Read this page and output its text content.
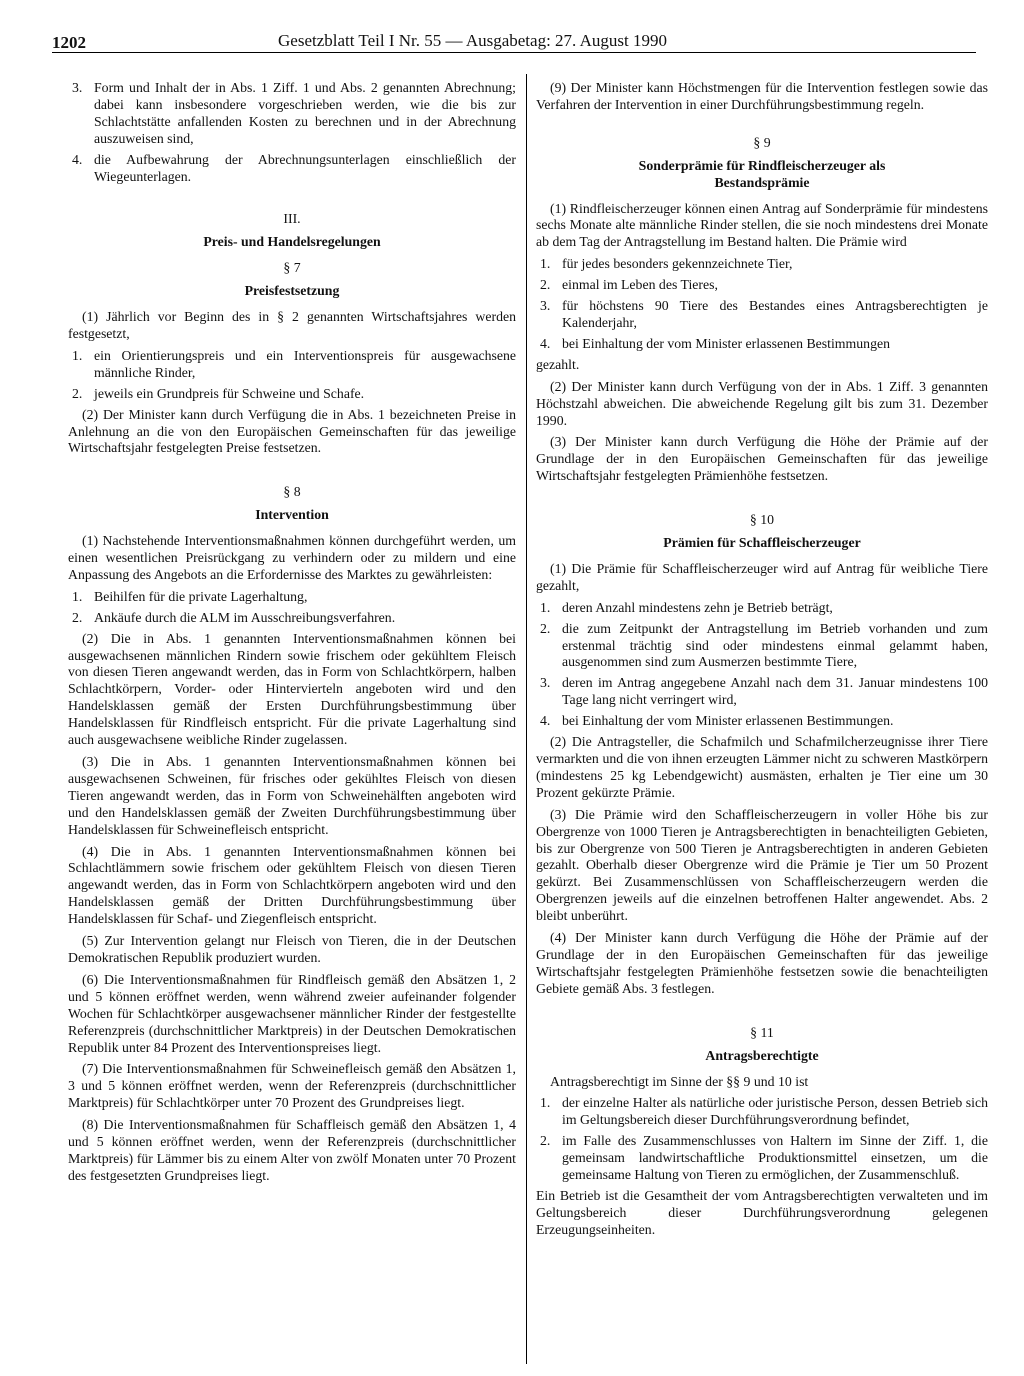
1202	Gesetzblatt Teil I Nr. 55 — Ausgabetag: 27. August 1990
3. Form und Inhalt der in Abs. 1 Ziff. 1 und Abs. 2 genannten Abrechnung; dabei kann insbesondere vorgeschrieben werden, wie die bis zur Schlachtstätte anfallenden Kosten zu berechnen und in der Abrechnung auszuweisen sind,
4. die Aufbewahrung der Abrechnungsunterlagen einschließlich der Wiegeunterlagen.

III.

Preis- und Handelsregelungen

§ 7

Preisfestsetzung

(1) Jährlich vor Beginn des in § 2 genannten Wirtschaftsjahres werden festgesetzt,

1. ein Orientierungspreis und ein Interventionspreis für ausgewachsene männliche Rinder,
2. jeweils ein Grundpreis für Schweine und Schafe.

(2) Der Minister kann durch Verfügung die in Abs. 1 bezeichneten Preise in Anlehnung an die von den Europäischen Gemeinschaften für das jeweilige Wirtschaftsjahr festgelegten Preise festsetzen.

§ 8

Intervention

(1) Nachstehende Interventionsmaßnahmen können durchgeführt werden, um einen wesentlichen Preisrückgang zu verhindern oder zu mildern und eine Anpassung des Angebots an die Erfordernisse des Marktes zu gewährleisten:

1. Beihilfen für die private Lagerhaltung,
2. Ankäufe durch die ALM im Ausschreibungsverfahren.

(2) Die in Abs. 1 genannten Interventionsmaßnahmen können bei ausgewachsenen männlichen Rindern sowie frischem oder gekühltem Fleisch von diesen Tieren angewandt werden, das in Form von Schlachtkörpern, halben Schlachtkörpern, Vorder- oder Hintervierteln angeboten wird und den Handelsklassen gemäß der Ersten Durchführungsbestimmung über Handelsklassen für Rindfleisch entspricht. Für die private Lagerhaltung sind auch ausgewachsene weibliche Rinder zugelassen.

(3) Die in Abs. 1 genannten Interventionsmaßnahmen können bei ausgewachsenen Schweinen, für frisches oder gekühltes Fleisch von diesen Tieren angewandt werden, das in Form von Schweinehälften angeboten wird und den Handelsklassen gemäß der Zweiten Durchführungsbestimmung über Handelsklassen für Schweinefleisch entspricht.

(4) Die in Abs. 1 genannten Interventionsmaßnahmen können bei Schlachtlämmern sowie frischem oder gekühltem Fleisch von diesen Tieren angewandt werden, das in Form von Schlachtkörpern angeboten wird und den Handelsklassen gemäß der Dritten Durchführungsbestimmung über Handelsklassen für Schaf- und Ziegenfleisch entspricht.

(5) Zur Intervention gelangt nur Fleisch von Tieren, die in der Deutschen Demokratischen Republik produziert wurden.

(6) Die Interventionsmaßnahmen für Rindfleisch gemäß den Absätzen 1, 2 und 5 können eröffnet werden, wenn während zweier aufeinander folgender Wochen für Schlachtkörper ausgewachsener männlicher Rinder der festgestellte Referenzpreis (durchschnittlicher Marktpreis) in der Deutschen Demokratischen Republik unter 84 Prozent des Interventionspreises liegt.

(7) Die Interventionsmaßnahmen für Schweinefleisch gemäß den Absätzen 1, 3 und 5 können eröffnet werden, wenn der Referenzpreis (durchschnittlicher Marktpreis) für Schlachtkörper unter 70 Prozent des Grundpreises liegt.

(8) Die Interventionsmaßnahmen für Schaffleisch gemäß den Absätzen 1, 4 und 5 können eröffnet werden, wenn der Referenzpreis (durchschnittlicher Marktpreis) für Lämmer bis zu einem Alter von zwölf Monaten unter 70 Prozent des festgesetzten Grundpreises liegt.

(9) Der Minister kann Höchstmengen für die Intervention festlegen sowie das Verfahren der Intervention in einer Durchführungsbestimmung regeln.

§ 9

Sonderprämie für Rindfleischerzeuger als

Bestandsprämie

(1) Rindfleischerzeuger können einen Antrag auf Sonderprämie für mindestens sechs Monate alte männliche Rinder stellen, die sie noch mindestens drei Monate ab dem Tag der Antragstellung im Bestand halten. Die Prämie wird

1. für jedes besonders gekennzeichnete Tier,
2. einmal im Leben des Tieres,
3. für höchstens 90 Tiere des Bestandes eines Antragsberechtigten je Kalenderjahr,
4. bei Einhaltung der vom Minister erlassenen Bestimmungen

gezahlt.

(2) Der Minister kann durch Verfügung von der in Abs. 1 Ziff. 3 genannten Höchstzahl abweichen. Die abweichende Regelung gilt bis zum 31. Dezember 1990.

(3) Der Minister kann durch Verfügung die Höhe der Prämie auf der Grundlage der in den Europäischen Gemeinschaften für das jeweilige Wirtschaftsjahr festgelegten Prämienhöhe festsetzen.

§ 10

Prämien für Schaffleischerzeuger

(1) Die Prämie für Schaffleischerzeuger wird auf Antrag für weibliche Tiere gezahlt,

1. deren Anzahl mindestens zehn je Betrieb beträgt,
2. die zum Zeitpunkt der Antragstellung im Betrieb vorhanden und zum erstenmal trächtig sind oder mindestens einmal gelammt haben, ausgenommen sind zum Ausmerzen bestimmte Tiere,
3. deren im Antrag angegebene Anzahl nach dem 31. Januar mindestens 100 Tage lang nicht verringert wird,
4. bei Einhaltung der vom Minister erlassenen Bestimmungen.

(2) Die Antragsteller, die Schafmilch und Schafmilcherzeugnisse ihrer Tiere vermarkten und die von ihnen erzeugten Lämmer nicht zu schweren Mastkörpern (mindestens 25 kg Lebendgewicht) ausmästen, erhalten je Tier eine um 30 Prozent gekürzte Prämie.

(3) Die Prämie wird den Schaffleischerzeugern in voller Höhe bis zur Obergrenze von 1000 Tieren je Antragsberechtigten in benachteiligten Gebieten, bis zur Obergrenze von 500 Tieren je Antragsberechtigten in anderen Gebieten gezahlt. Oberhalb dieser Obergrenze wird die Prämie je Tier um 50 Prozent gekürzt. Bei Zusammenschlüssen von Schaffleischerzeugern werden die Obergrenzen jeweils auf die einzelnen betroffenen Halter angewendet. Abs. 2 bleibt unberührt.

(4) Der Minister kann durch Verfügung die Höhe der Prämie auf der Grundlage der in den Europäischen Gemeinschaften für das jeweilige Wirtschaftsjahr festgelegten Prämienhöhe festsetzen sowie die benachteiligten Gebiete gemäß Abs. 3 festlegen.

§ 11

Antragsberechtigte

Antragsberechtigt im Sinne der §§ 9 und 10 ist

1. der einzelne Halter als natürliche oder juristische Person, dessen Betrieb sich im Geltungsbereich dieser Durchführungsverordnung befindet,
2. im Falle des Zusammenschlusses von Haltern im Sinne der Ziff. 1, die gemeinsam landwirtschaftliche Produktionsmittel einsetzen, um die gemeinsame Haltung von Tieren zu ermöglichen, der Zusammenschluß.

Ein Betrieb ist die Gesamtheit der vom Antragsberechtigten verwalteten und im Geltungsbereich dieser Durchführungsverordnung gelegenen Erzeugungseinheiten.
